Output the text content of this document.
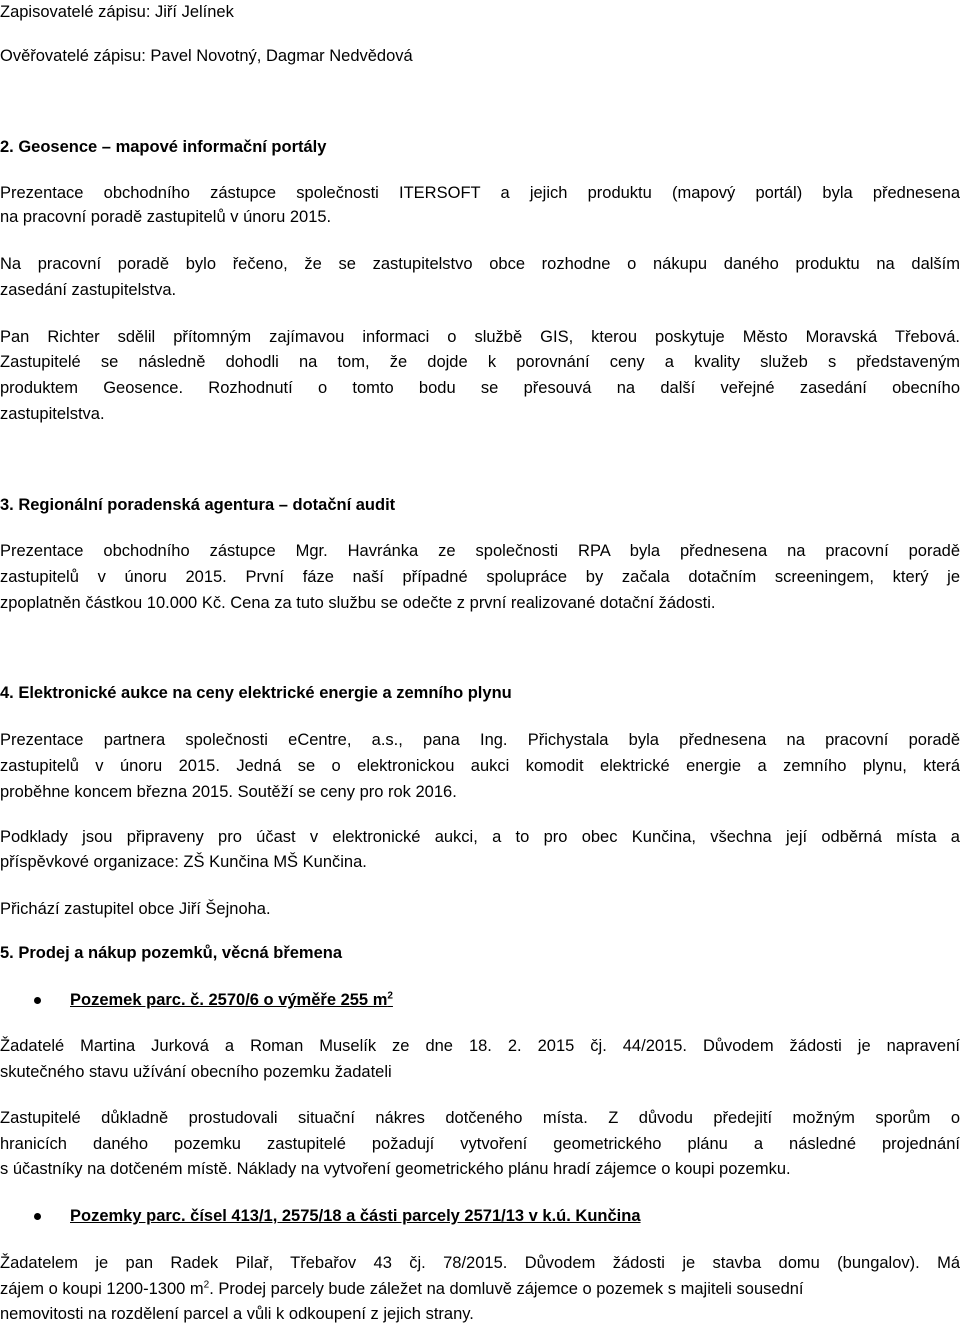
Zapisovatelé zápisu: Jiří Jelínek
Ověřovatelé zápisu: Pavel Novotný, Dagmar Nedvědová
2. Geosence – mapové informační portály
Prezentace obchodního zástupce společnosti ITERSOFT a jejich produktu (mapový portál) byla přednesena
na pracovní poradě zastupitelů v únoru 2015.
Na pracovní poradě bylo řečeno, že se zastupitelstvo obce rozhodne o nákupu daného produktu na dalším
zasedání zastupitelstva.
Pan Richter sdělil přítomným zajímavou informaci o službě GIS, kterou poskytuje Město Moravská Třebová.
Zastupitelé se následně dohodli na tom, že dojde k porovnání ceny a kvality služeb s představeným
produktem Geosence. Rozhodnutí o tomto bodu se přesouvá na další veřejné zasedání obecního
zastupitelstva.
3. Regionální poradenská agentura – dotační audit
Prezentace obchodního zástupce Mgr. Havránka ze společnosti RPA byla přednesena na pracovní poradě
zastupitelů v únoru 2015. První fáze naší případné spolupráce by začala dotačním screeningem, který je
zpoplatněn částkou 10.000 Kč. Cena za tuto službu se odečte z první realizované dotační žádosti.
4. Elektronické aukce na ceny elektrické energie a zemního plynu
Prezentace partnera společnosti eCentre, a.s., pana Ing. Přichystala byla přednesena na pracovní poradě
zastupitelů v únoru 2015. Jedná se o elektronickou aukci komodit elektrické energie a zemního plynu, která
proběhne koncem března 2015. Soutěží se ceny pro rok 2016.
Podklady jsou připraveny pro účast v elektronické aukci, a to pro obec Kunčina, všechna její odběrná místa a
příspěvkové organizace: ZŠ Kunčina MŠ Kunčina.
Přichází zastupitel obce Jiří Šejnoha.
5. Prodej a nákup pozemků, věcná břemena
Pozemek parc. č. 2570/6 o výměře 255 $m^2$
Žadatelé Martina Jurková a Roman Muselík ze dne 18. 2. 2015 čj. 44/2015. Důvodem žádosti je napravení
skutečného stavu užívání obecního pozemku žadateli
Zastupitelé důkladně prostudovali situační nákres dotčeného místa. Z důvodu předejití možným sporům o
hranicích daného pozemku zastupitelé požadují vytvoření geometrického plánu a následné projednání
s účastníky na dotčeném místě. Náklady na vytvoření geometrického plánu hradí zájemce o koupi pozemku.
Pozemky parc. čísel 413/1, 2575/18 a části parcely 2571/13 v k.ú. Kunčina
Žadatelem je pan Radek Pilař, Třebařov 43 čj. 78/2015. Důvodem žádosti je stavba domu (bungalov). Má
zájem o koupi 1200-1300 $m^2$. Prodej parcely bude záležet na domluvě zájemce o pozemek s majiteli sousední
nemovitosti na rozdělení parcel a vůli k odkoupení z jejich strany.
